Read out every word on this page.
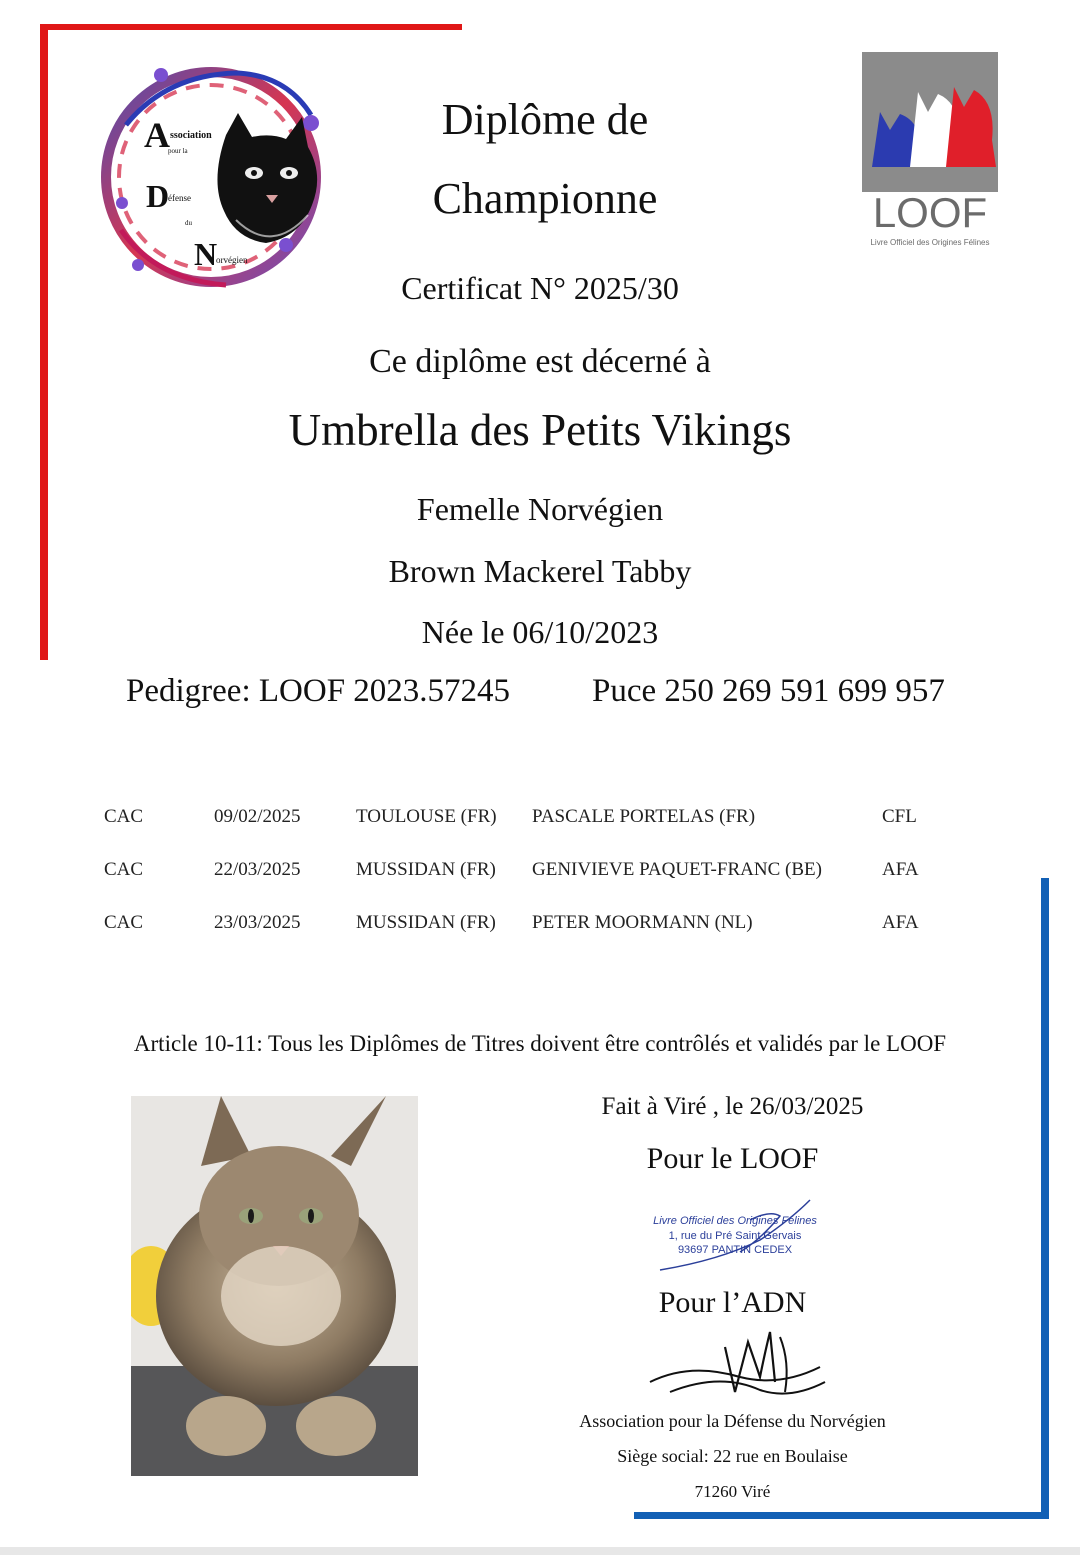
A ssociation
pour la
D
éfense
du
N
orvégien
LOOF
Livre Officiel des Origines Félines
Diplôme de
Championne
Certificat N° 2025/30
Ce diplôme est décerné à
Umbrella des Petits Vikings
Femelle Norvégien
Brown Mackerel Tabby
Née le 06/10/2023
Pedigree: LOOF 2023.57245 Puce 250 269 591 699 957
CAC	09/02/2025	TOULOUSE (FR)	PASCALE PORTELAS (FR)	CFL
CAC	22/03/2025	MUSSIDAN (FR)	GENIVIEVE PAQUET-FRANC (BE)	AFA
CAC	23/03/2025	MUSSIDAN (FR)	PETER MOORMANN (NL)	AFA
Article 10-11: Tous les Diplômes de Titres doivent être contrôlés et validés par le LOOF
Fait à Viré , le 26/03/2025
Pour le LOOF
Livre Officiel des Origines Félines
1, rue du Pré Saint Gervais
93697 PANTIN CEDEX
Pour l’ADN
Association pour la Défense du Norvégien
Siège social: 22 rue en Boulaise
71260 Viré
